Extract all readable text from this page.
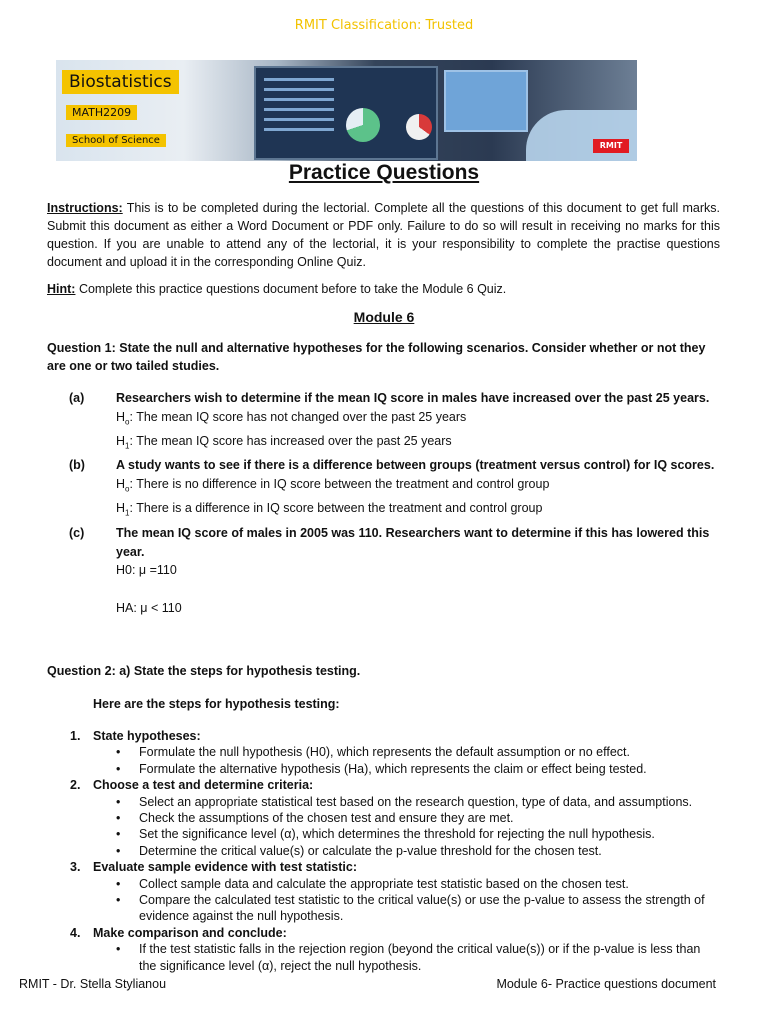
RMIT Classification: Trusted
Biostatistics
MATH2209
School of Science	RMIT
Practice Questions
Instructions: This is to be completed during the lectorial. Complete all the questions of this document to get full marks. Submit this document as either a Word Document or PDF only. Failure to do so will result in receiving no marks for this question. If you are unable to attend any of the lectorial, it is your responsibility to complete the practise questions document and upload it in the corresponding Online Quiz.
Hint: Complete this practice questions document before to take the Module 6 Quiz.
Module 6
Question 1: State the null and alternative hypotheses for the following scenarios. Consider whether or not they are one or two tailed studies.
(a)	Researchers wish to determine if the mean IQ score in males have increased over the past 25 years.
$H_o$: The mean IQ score has not changed over the past 25 years
$H_1$: The mean IQ score has increased over the past 25 years
(b)	A study wants to see if there is a difference between groups (treatment versus control) for IQ scores.
$H_o$: There is no difference in IQ score between the treatment and control group
$H_1$: There is a difference in IQ score between the treatment and control group
(c)	The mean IQ score of males in 2005 was 110. Researchers want to determine if this has lowered this year.
H0: μ =110
HA: μ < 110
Question 2: a) State the steps for hypothesis testing.
Here are the steps for hypothesis testing:
1.	State hypotheses:
•	Formulate the null hypothesis (H0), which represents the default assumption or no effect.
•	Formulate the alternative hypothesis (Ha), which represents the claim or effect being tested.
2.	Choose a test and determine criteria:
•	Select an appropriate statistical test based on the research question, type of data, and assumptions.
•	Check the assumptions of the chosen test and ensure they are met.
•	Set the significance level (α), which determines the threshold for rejecting the null hypothesis.
•	Determine the critical value(s) or calculate the p-value threshold for the chosen test.
3.	Evaluate sample evidence with test statistic:
•	Collect sample data and calculate the appropriate test statistic based on the chosen test.
•	Compare the calculated test statistic to the critical value(s) or use the p-value to assess the strength of evidence against the null hypothesis.
4.	Make comparison and conclude:
•	If the test statistic falls in the rejection region (beyond the critical value(s)) or if the p-value is less than the significance level (α), reject the null hypothesis.
RMIT - Dr. Stella Stylianou	Module 6- Practice questions document
